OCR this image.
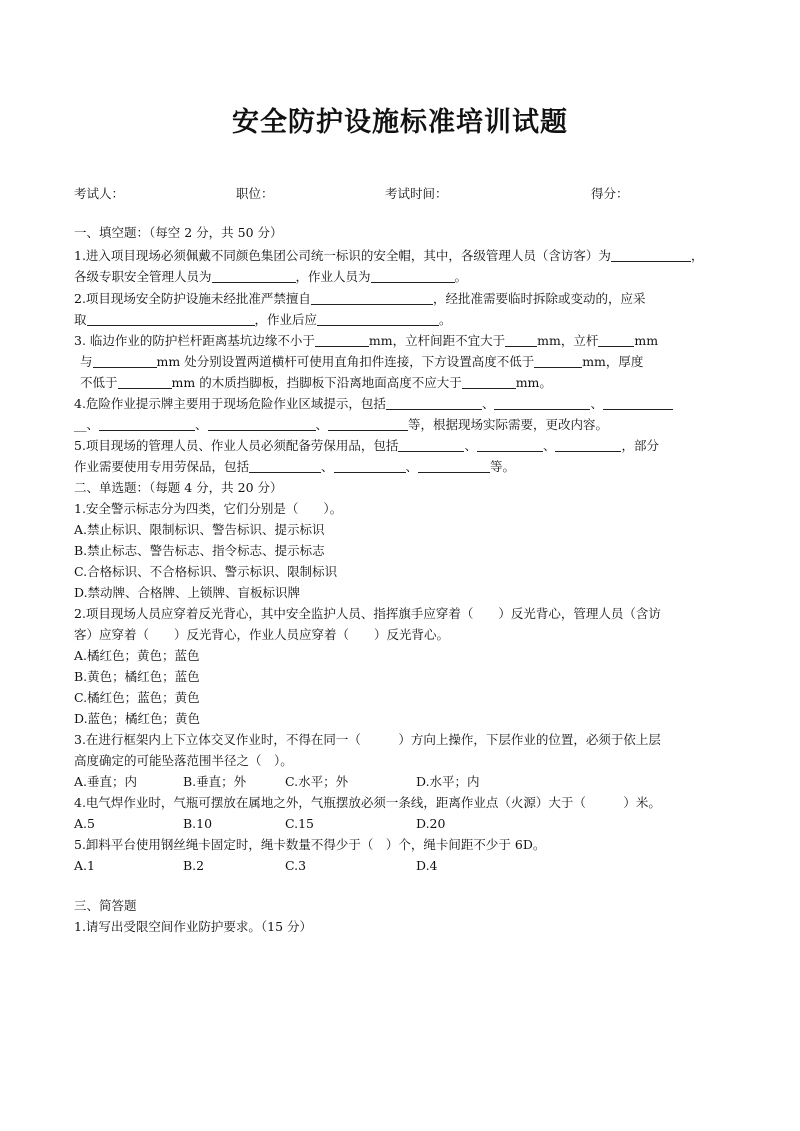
安全防护设施标准培训试题
考试人：	职位：	考试时间：	得分：
一、填空题：（每空 2 分，共 50 分）
1.进入项目现场必须佩戴不同颜色集团公司统一标识的安全帽，其中，各级管理人员（含访客）为	，
各级专职安全管理人员为	，作业人员为	。
2.项目现场安全防护设施未经批准严禁擅自	，经批准需要临时拆除或变动的，应采
取	，作业后应	。
3. 临边作业的防护栏杆距离基坑边缘不小于	mm，立杆间距不宜大于	mm，立杆	mm
与	mm 处分别设置两道横杆可使用直角扣件连接，下方设置高度不低于	mm，厚度
不低于	mm 的木质挡脚板，挡脚板下沿离地面高度不应大于	mm。
4.危险作业提示牌主要用于现场危险作业区域提示，包括	、	、
__、	、	、	等，根据现场实际需要，更改内容。
5.项目现场的管理人员、作业人员必须配备劳保用品，包括	、	、	，部分
作业需要使用专用劳保品，包括	、	、	等。
二、单选题：（每题 4 分，共 20 分）
1.安全警示标志分为四类，它们分别是（　　）。
A.禁止标识、限制标识、警告标识、提示标识
B.禁止标志、警告标志、指令标志、提示标志
C.合格标识、不合格标识、警示标识、限制标识
D.禁动牌、合格牌、上锁牌、盲板标识牌
2.项目现场人员应穿着反光背心，其中安全监护人员、指挥旗手应穿着（　　）反光背心，管理人员（含访
客）应穿着（　　）反光背心，作业人员应穿着（　　）反光背心。
A.橘红色；黄色；蓝色
B.黄色；橘红色；蓝色
C.橘红色；蓝色；黄色
D.蓝色；橘红色；黄色
3.在进行框架内上下立体交叉作业时，不得在同一（　　　）方向上操作，下层作业的位置，必须于依上层
高度确定的可能坠落范围半径之（　）。
A.垂直；内	B.垂直；外	C.水平；外	D.水平；内
4.电气焊作业时，气瓶可摆放在属地之外，气瓶摆放必须一条线，距离作业点（火源）大于（　　　）米。
A.5	B.10	C.15	D.20
5.卸料平台使用钢丝绳卡固定时，绳卡数量不得少于（　）个，绳卡间距不少于 6D。
A.1	B.2	C.3	D.4
三、简答题
1.请写出受限空间作业防护要求。（15 分）
